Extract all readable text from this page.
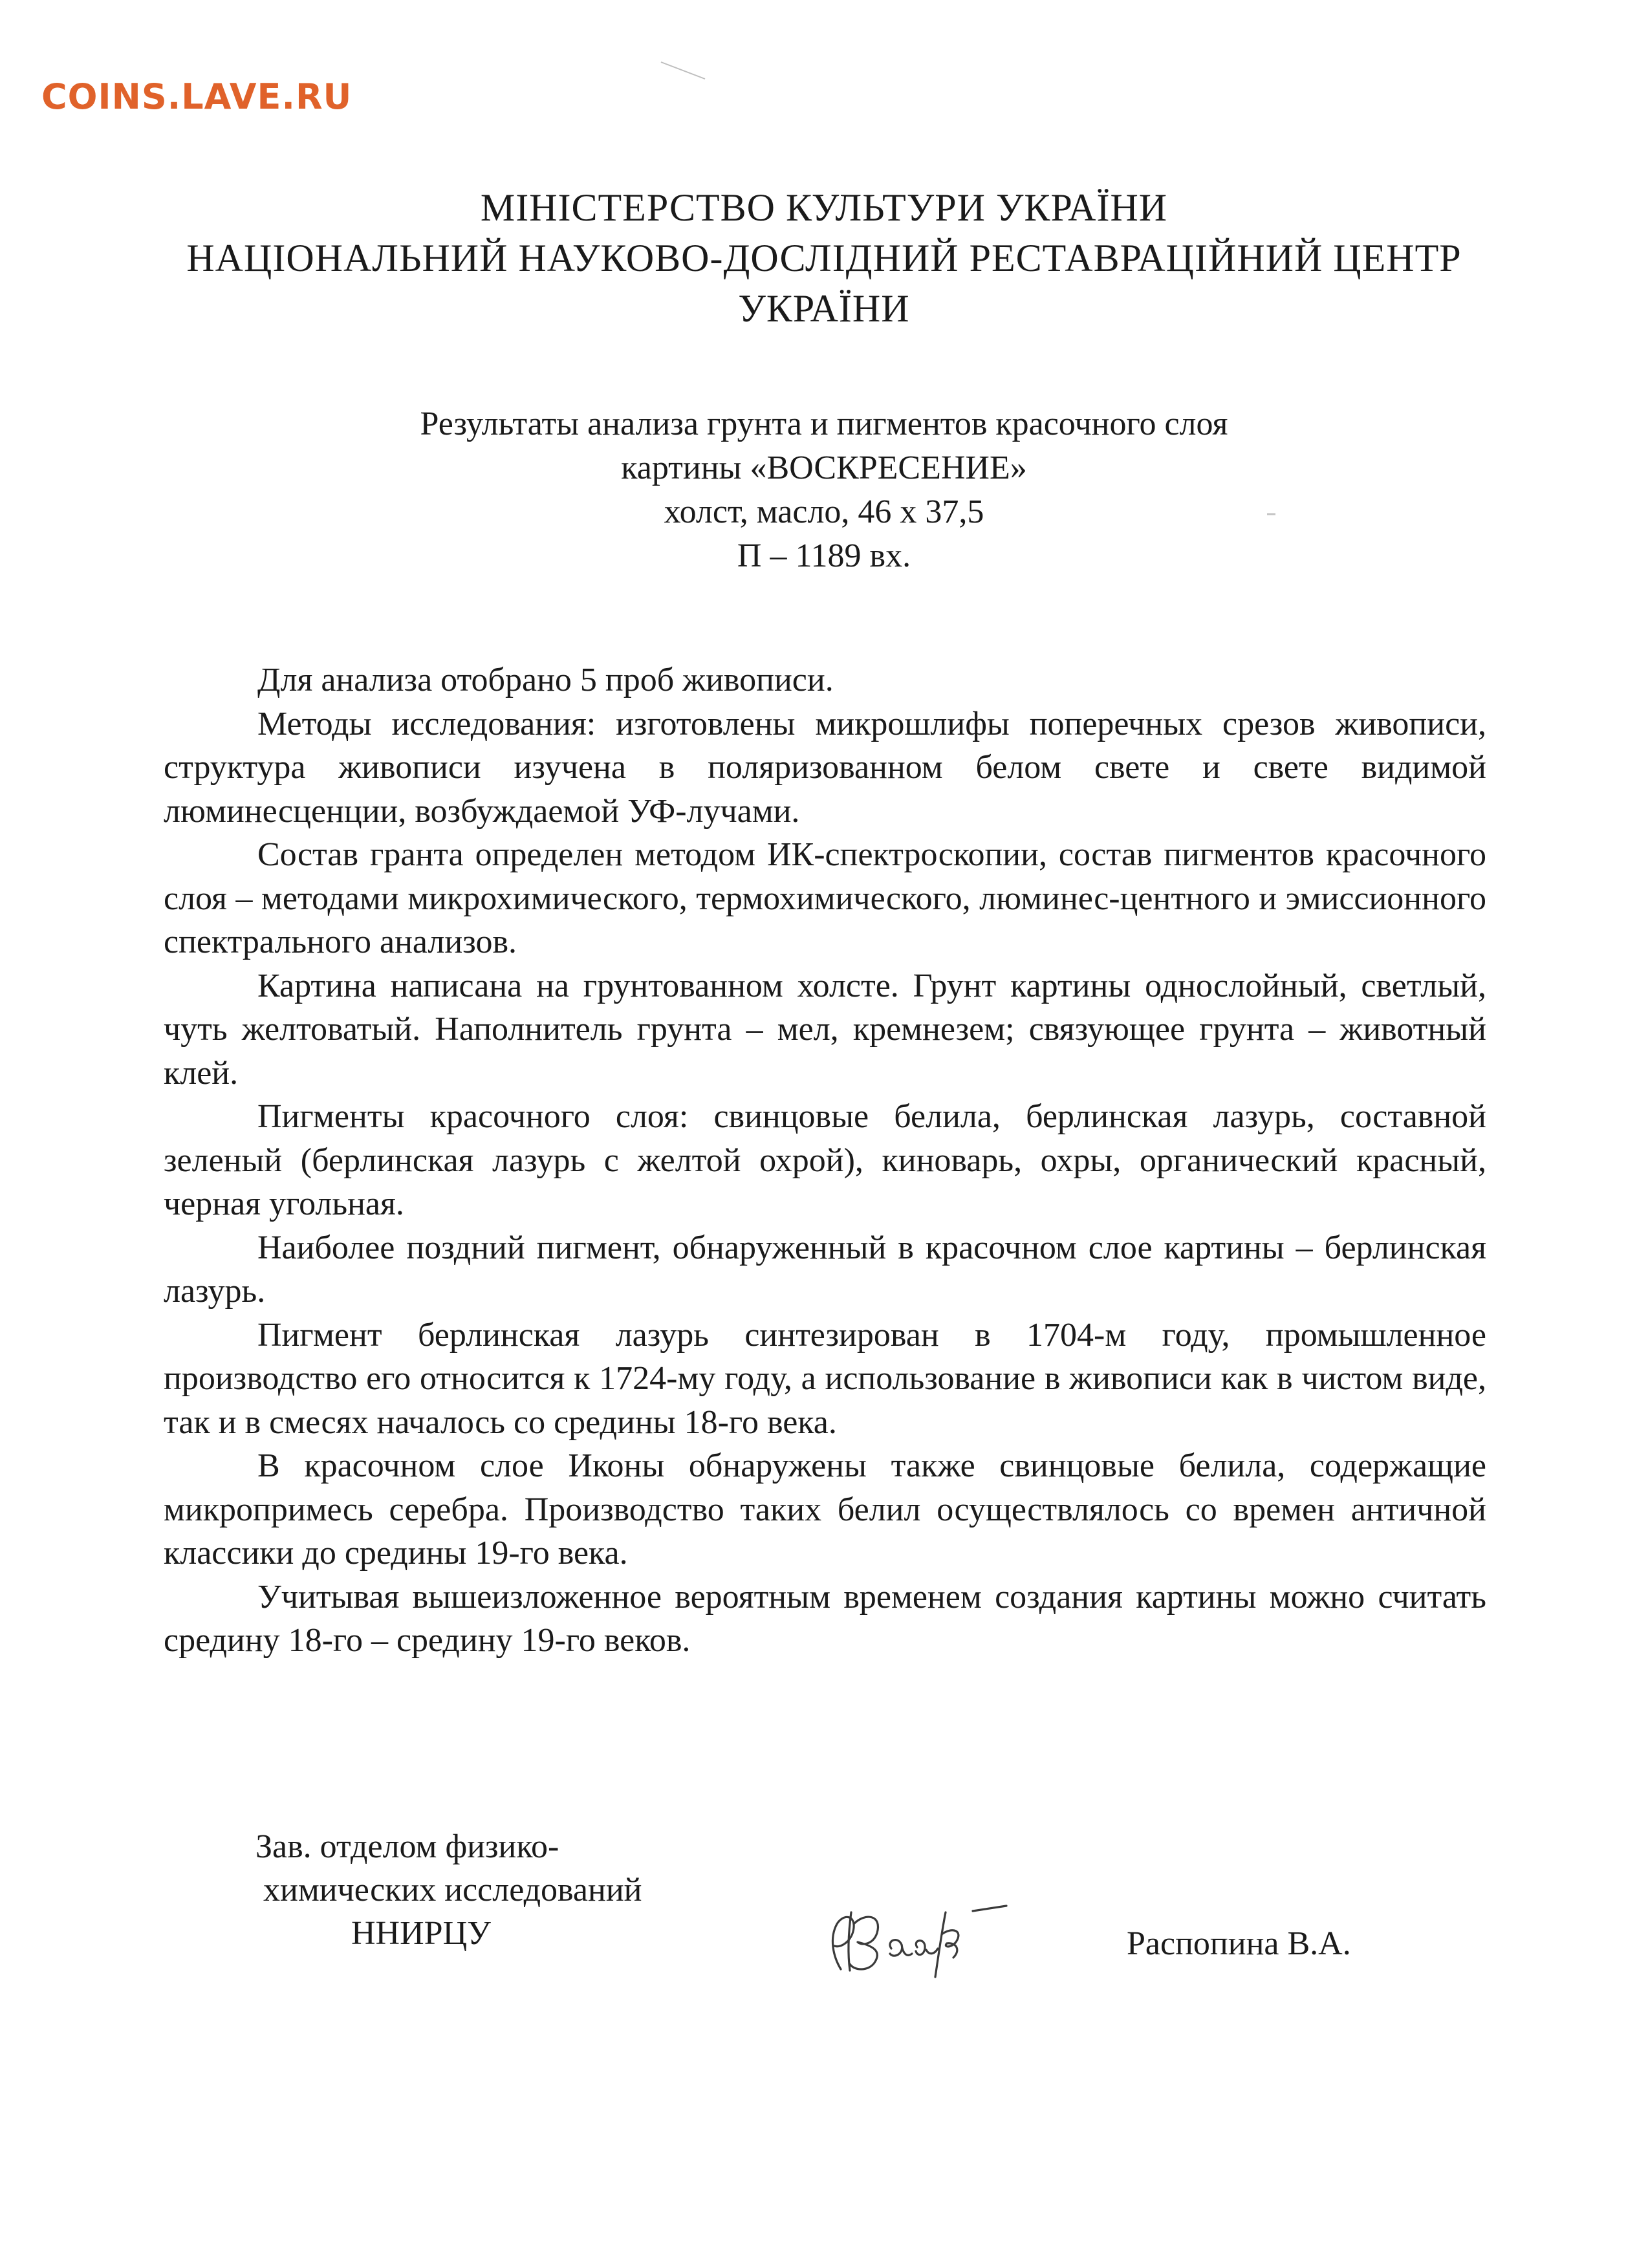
COINS.LAVE.RU
МІНІСТЕРСТВО КУЛЬТУРИ УКРАЇНИ
НАЦІОНАЛЬНИЙ НАУКОВО-ДОСЛІДНИЙ РЕСТАВРАЦІЙНИЙ ЦЕНТР
УКРАЇНИ
Результаты анализа грунта и пигментов красочного слоя
картины «ВОСКРЕСЕНИЕ»
холст, масло, 46 х 37,5
П – 1189 вх.

Для анализа отобрано 5 проб живописи.

Методы исследования: изготовлены микрошлифы поперечных срезов живописи, структура живописи изучена в поляризованном белом свете и свете видимой люминесценции, возбуждаемой УФ-лучами.

Состав гранта определен методом ИК-спектроскопии, состав пигментов красочного слоя – методами микрохимического, термохимического, люминес-центного и эмиссионного спектрального анализов.

Картина написана на грунтованном холсте. Грунт картины однослойный, светлый, чуть желтоватый. Наполнитель грунта – мел, кремнезем; связующее грунта – животный клей.

Пигменты красочного слоя: свинцовые белила, берлинская лазурь, составной зеленый (берлинская лазурь с желтой охрой), киноварь, охры, органический красный, черная угольная.

Наиболее поздний пигмент, обнаруженный в красочном слое картины – берлинская лазурь.

Пигмент берлинская лазурь синтезирован в 1704-м году, промышленное производство его относится к 1724-му году, а использование в живописи как в чистом виде, так и в смесях началось со средины 18-го века.

В красочном слое Иконы обнаружены также свинцовые белила, содержащие микропримесь серебра. Производство таких белил осуществлялось со времен античной классики до средины 19-го века.

Учитывая вышеизложенное вероятным временем создания картины можно считать средину 18-го – средину 19-го веков.

Зав. отделом физико-
химических исследований
ННИРЦУ	Распопина В.А.
